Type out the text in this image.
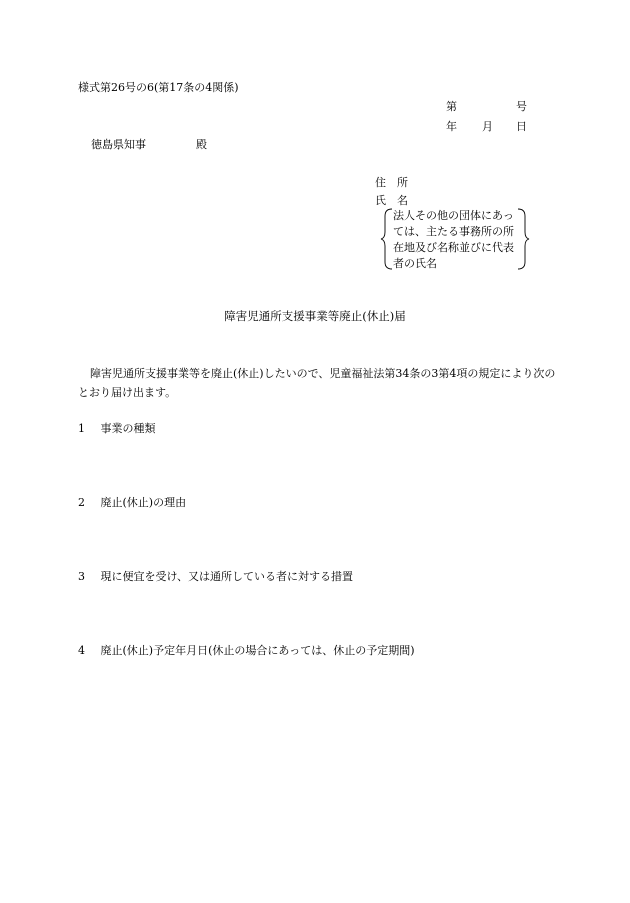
様式第26号の6(第17条の4関係)
第	号
年 月 日
徳島県知事	殿
住　所
氏　名
法人その他の団体にあっては、主たる事務所の所在地及び名称並びに代表者の氏名
障害児通所支援事業等廃止(休止)届
障害児通所支援事業等を廃止(休止)したいので、児童福祉法第34条の3第4項の規定により次のとおり届け出ます。
1 事業の種類
2 廃止(休止)の理由
3 現に便宜を受け、又は通所している者に対する措置
4 廃止(休止)予定年月日(休止の場合にあっては、休止の予定期間)
